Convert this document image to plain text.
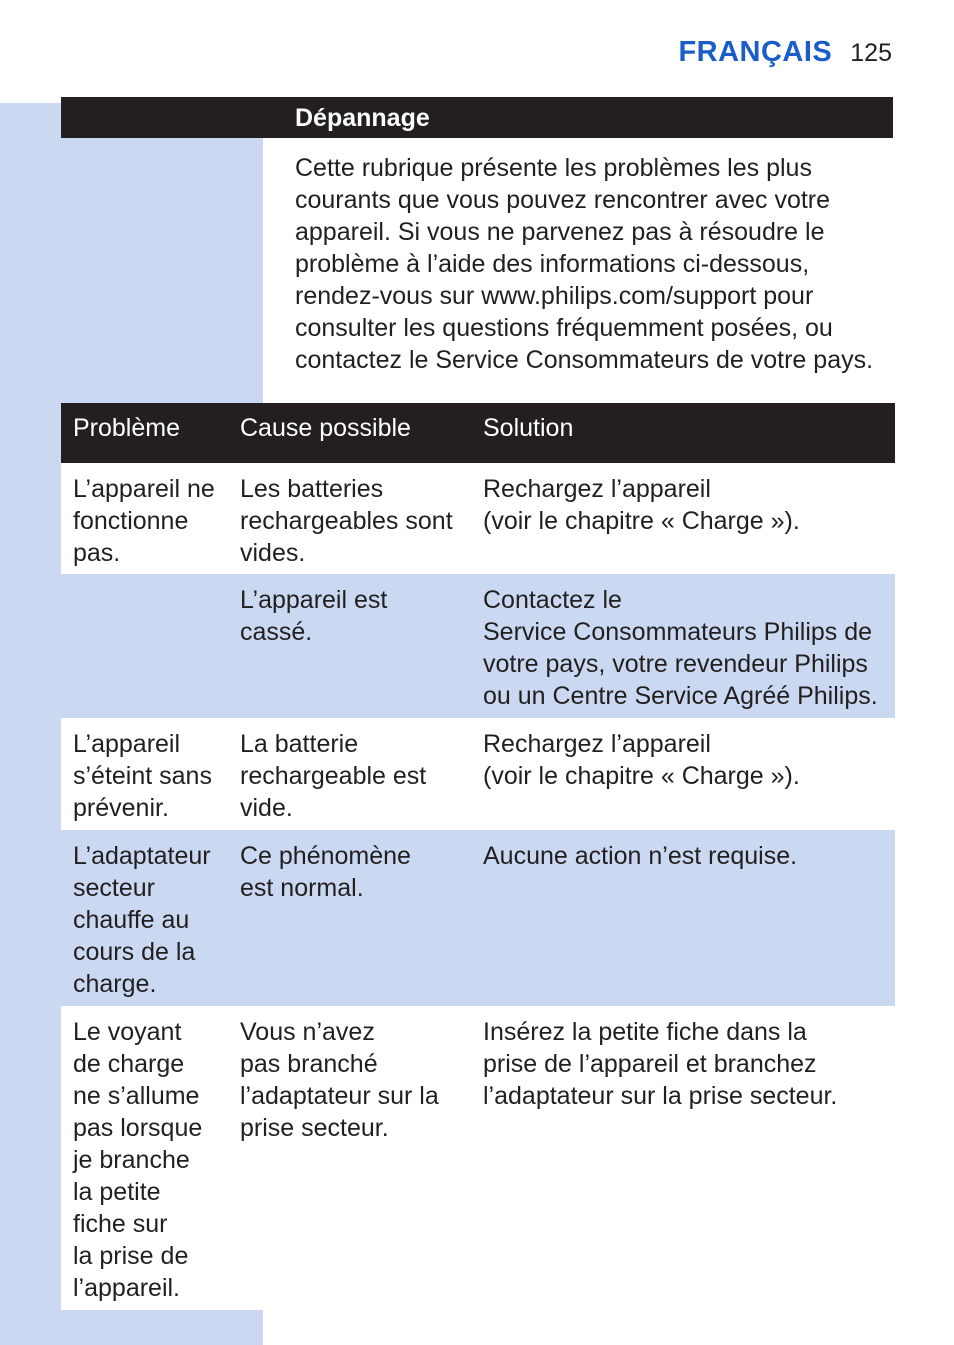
FRANÇAIS 125
Dépannage

Cette rubrique présente les problèmes les plus courants que vous pouvez rencontrer avec votre appareil. Si vous ne parvenez pas à résoudre le problème à l’aide des informations ci-dessous, rendez-vous sur www.philips.com/support pour consulter les questions fréquemment posées, ou contactez le Service Consommateurs de votre pays.

Problème	Cause possible	Solution
L’appareil ne
fonctionne
pas.
Les batteries
rechargeables sont
vides.
Rechargez l’appareil
(voir le chapitre « Charge »).
L’appareil est cassé.
Contactez le
Service Consommateurs Philips de
votre pays, votre revendeur Philips
ou un Centre Service Agréé Philips.
L’appareil
s’éteint sans
prévenir.
La batterie
rechargeable est
vide.
Rechargez l’appareil
(voir le chapitre « Charge »).
L’adaptateur
secteur
chauffe au
cours de la
charge.
Ce phénomène
est normal.
Aucune action n’est requise.
Le voyant
de charge
ne s’allume
pas lorsque
je branche
la petite
fiche sur
la prise de
l’appareil.
Vous n’avez
pas branché
l’adaptateur sur la
prise secteur.
Insérez la petite fiche dans la
prise de l’appareil et branchez
l’adaptateur sur la prise secteur.
